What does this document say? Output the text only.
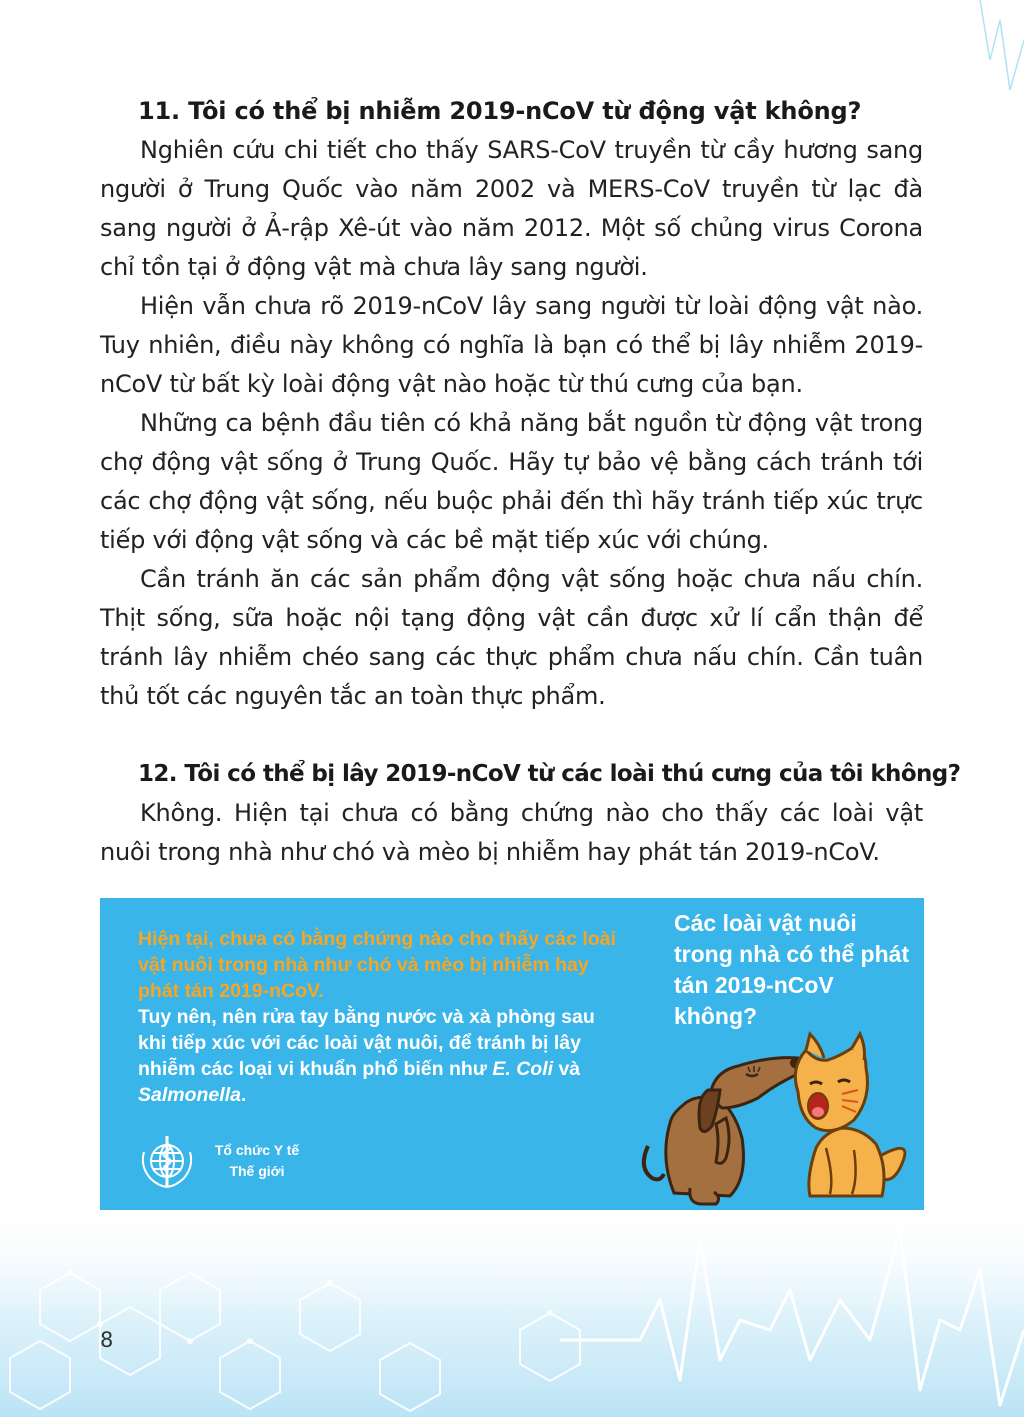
11. Tôi có thể bị nhiễm 2019-nCoV từ động vật không?

Nghiên cứu chi tiết cho thấy SARS-CoV truyền từ cầy hương sang người ở Trung Quốc vào năm 2002 và MERS-CoV truyền từ lạc đà sang người ở Ả-rập Xê-út vào năm 2012. Một số chủng virus Corona chỉ tồn tại ở động vật mà chưa lây sang người.

Hiện vẫn chưa rõ 2019-nCoV lây sang người từ loài động vật nào. Tuy nhiên, điều này không có nghĩa là bạn có thể bị lây nhiễm 2019-nCoV từ bất kỳ loài động vật nào hoặc từ thú cưng của bạn.

Những ca bệnh đầu tiên có khả năng bắt nguồn từ động vật trong chợ động vật sống ở Trung Quốc. Hãy tự bảo vệ bằng cách tránh tới các chợ động vật sống, nếu buộc phải đến thì hãy tránh tiếp xúc trực tiếp với động vật sống và các bề mặt tiếp xúc với chúng.

Cần tránh ăn các sản phẩm động vật sống hoặc chưa nấu chín. Thịt sống, sữa hoặc nội tạng động vật cần được xử lí cẩn thận để tránh lây nhiễm chéo sang các thực phẩm chưa nấu chín. Cần tuân thủ tốt các nguyên tắc an toàn thực phẩm.

12. Tôi có thể bị lây 2019-nCoV từ các loài thú cưng của tôi không?

Không. Hiện tại chưa có bằng chứng nào cho thấy các loài vật nuôi trong nhà như chó và mèo bị nhiễm hay phát tán 2019-nCoV.

Hiện tại, chưa có bằng chứng nào cho thấy các loài vật nuôi trong nhà như chó và mèo bị nhiễm hay phát tán 2019-nCoV.
Tuy nên, nên rửa tay bằng nước và xà phòng sau khi tiếp xúc với các loài vật nuôi, để tránh bị lây nhiễm các loại vi khuẩn phổ biến như E. Coli và Salmonella.
Các loài vật nuôi trong nhà có thể phát tán 2019-nCoV không?
Tổ chức Y tế Thế giới
8
